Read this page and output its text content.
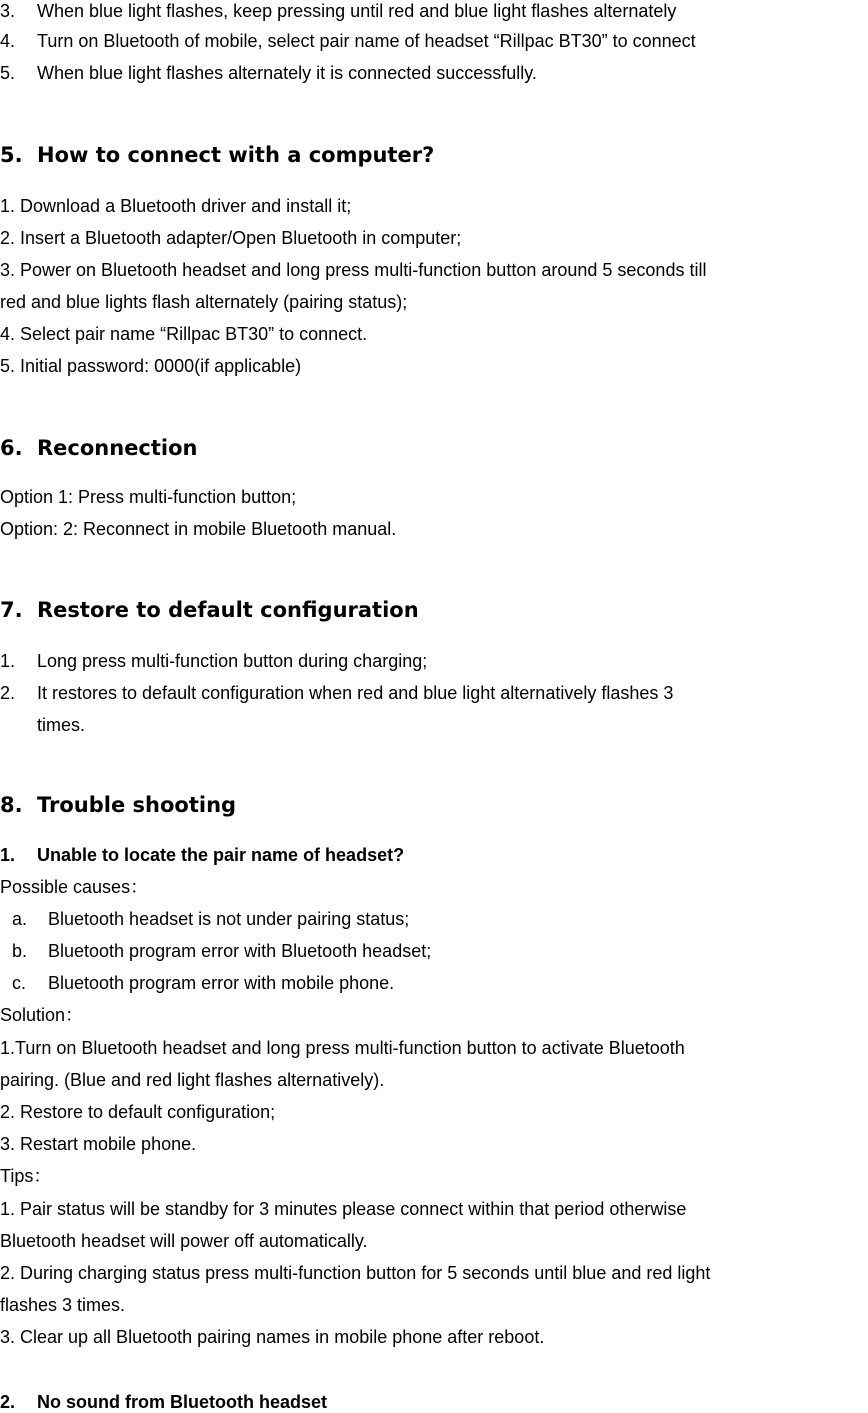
3. When blue light flashes, keep pressing until red and blue light flashes alternately
4. Turn on Bluetooth of mobile, select pair name of headset “Rillpac BT30” to connect
5. When blue light flashes alternately it is connected successfully.
5. How to connect with a computer?
1. Download a Bluetooth driver and install it;
2. Insert a Bluetooth adapter/Open Bluetooth in computer;
3. Power on Bluetooth headset and long press multi-function button around 5 seconds till
red and blue lights flash alternately (pairing status);
4. Select pair name “Rillpac BT30” to connect.
5. Initial password: 0000(if applicable)
6. Reconnection
Option 1: Press multi-function button;
Option: 2: Reconnect in mobile Bluetooth manual.
7. Restore to default configuration
1. Long press multi-function button during charging;
2. It restores to default configuration when red and blue light alternatively flashes 3
times.
8. Trouble shooting
1. Unable to locate the pair name of headset?
Possible causes：
a. Bluetooth headset is not under pairing status;
b. Bluetooth program error with Bluetooth headset;
c. Bluetooth program error with mobile phone.
Solution：
1.Turn on Bluetooth headset and long press multi-function button to activate Bluetooth
pairing. (Blue and red light flashes alternatively).
2. Restore to default configuration;
3. Restart mobile phone.
Tips：
1. Pair status will be standby for 3 minutes please connect within that period otherwise
Bluetooth headset will power off automatically.
2. During charging status press multi-function button for 5 seconds until blue and red light
flashes 3 times.
3. Clear up all Bluetooth pairing names in mobile phone after reboot.
2. No sound from Bluetooth headset
